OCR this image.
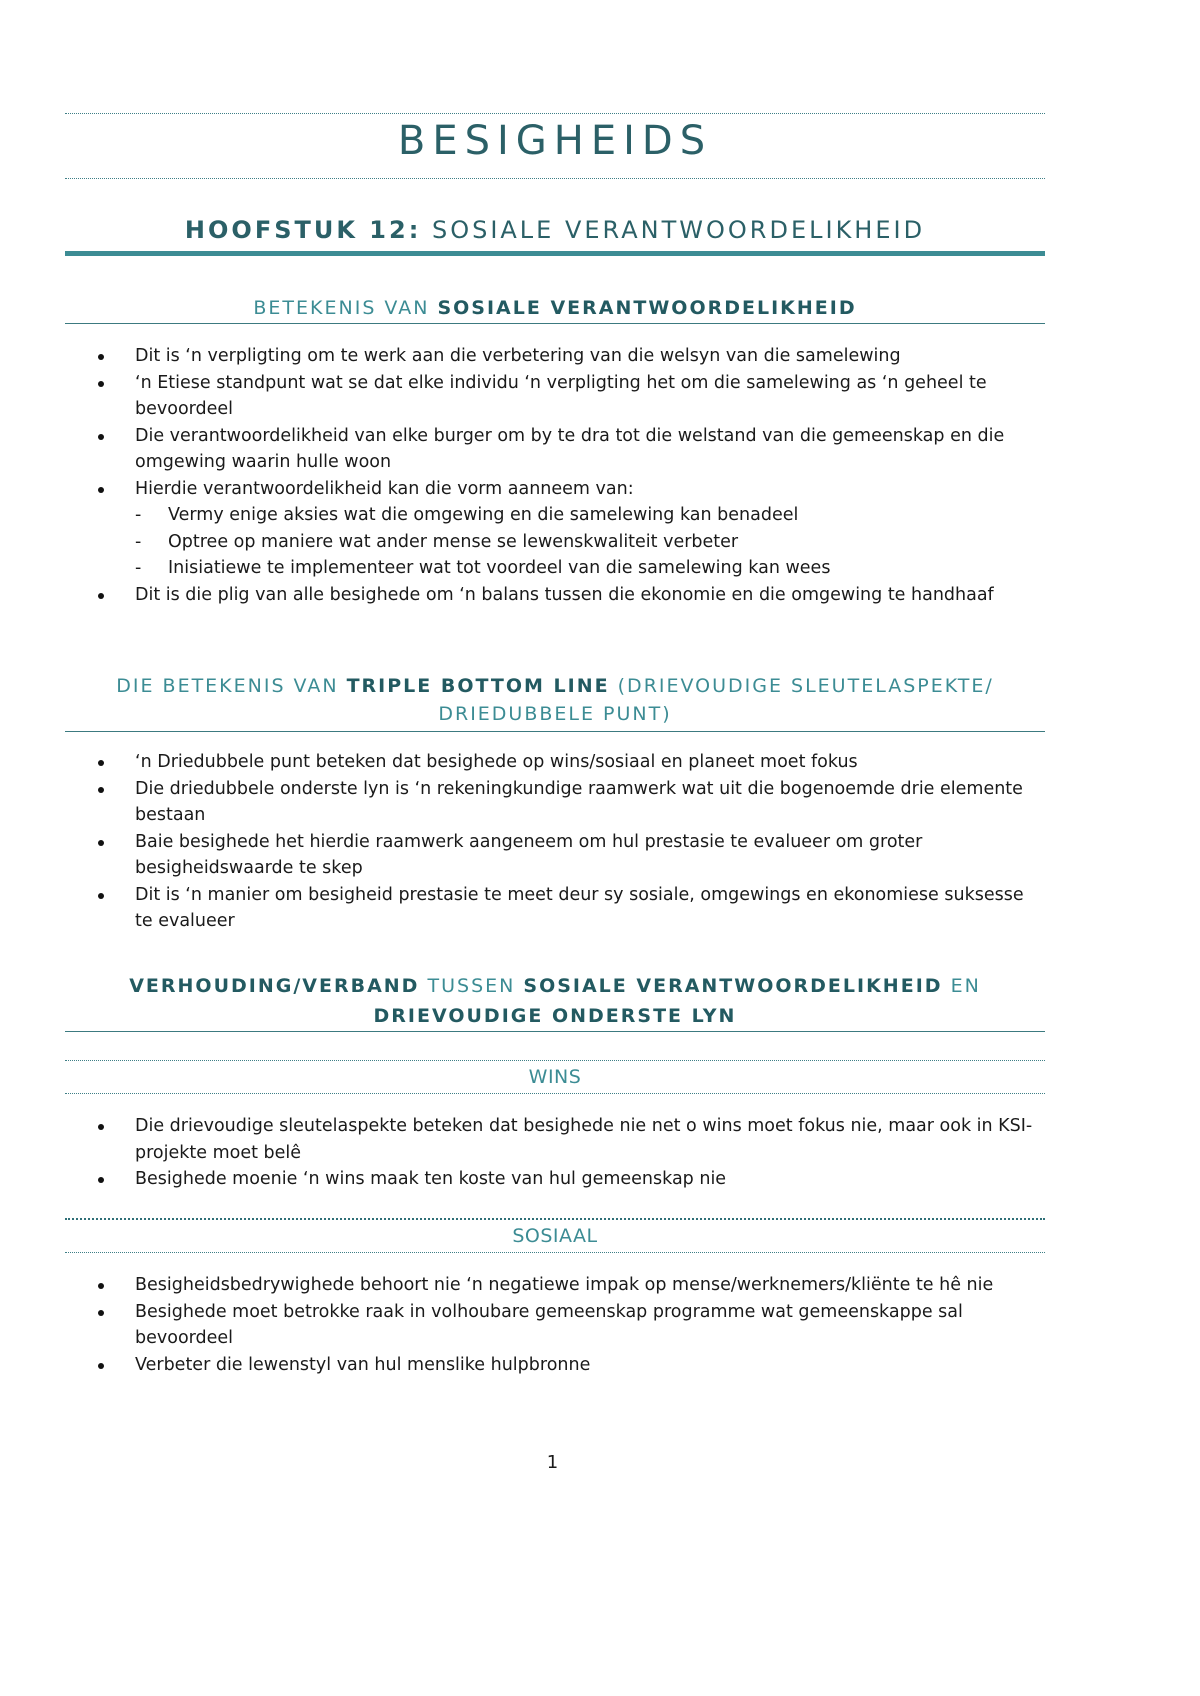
BESIGHEIDS
HOOFSTUK 12: SOSIALE VERANTWOORDELIKHEID
BETEKENIS VAN SOSIALE VERANTWOORDELIKHEID
Dit is ‘n verpligting om te werk aan die verbetering van die welsyn van die samelewing
‘n Etiese standpunt wat se dat elke individu ‘n verpligting het om die samelewing as ‘n geheel te bevoordeel
Die verantwoordelikheid van elke burger om by te dra tot die welstand van die gemeenskap en die omgewing waarin hulle woon
Hierdie verantwoordelikheid kan die vorm aanneem van:
- Vermy enige aksies wat die omgewing en die samelewing kan benadeel
- Optree op maniere wat ander mense se lewenskwaliteit verbeter
- Inisiatiewe te implementeer wat tot voordeel van die samelewing kan wees
Dit is die plig van alle besighede om ‘n balans tussen die ekonomie en die omgewing te handhaaf
DIE BETEKENIS VAN TRIPLE BOTTOM LINE (DRIEVOUDIGE SLEUTELASPEKTE/
DRIEDUBBELE PUNT)
‘n Driedubbele punt beteken dat besighede op wins/sosiaal en planeet moet fokus
Die driedubbele onderste lyn is ‘n rekeningkundige raamwerk wat uit die bogenoemde drie elemente bestaan
Baie besighede het hierdie raamwerk aangeneem om hul prestasie te evalueer om groter besigheidswaarde te skep
Dit is ‘n manier om besigheid prestasie te meet deur sy sosiale, omgewings en ekonomiese suksesse te evalueer
VERHOUDING/VERBAND TUSSEN SOSIALE VERANTWOORDELIKHEID EN
DRIEVOUDIGE ONDERSTE LYN
WINS
Die drievoudige sleutelaspekte beteken dat besighede nie net o wins moet fokus nie, maar ook in KSI-projekte moet belê
Besighede moenie ‘n wins maak ten koste van hul gemeenskap nie
SOSIAAL
Besigheidsbedrywighede behoort nie ‘n negatiewe impak op mense/werknemers/kliënte te hê nie
Besighede moet betrokke raak in volhoubare gemeenskap programme wat gemeenskappe sal bevoordeel
Verbeter die lewenstyl van hul menslike hulpbronne
1
